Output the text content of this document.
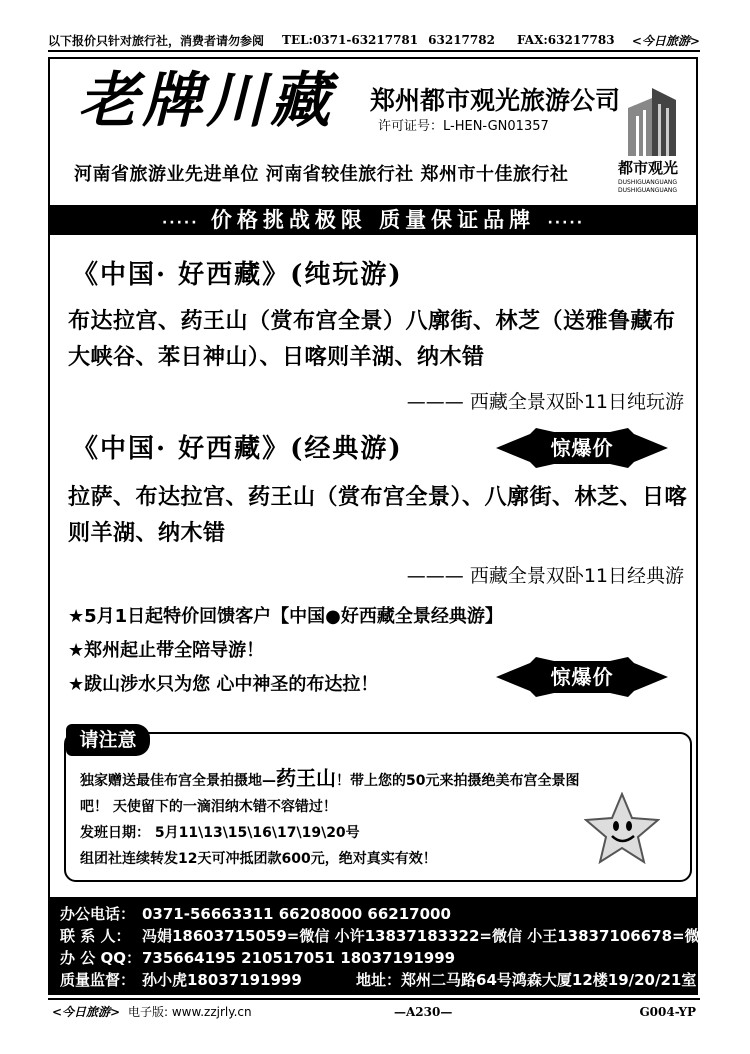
以下报价只针对旅行社，消费者请勿参阅 TEL:0371-63217781 63217782 FAX:63217783 <今日旅游>
老牌川藏 郑州都市观光旅游公司
许可证号：L-HEN-GN01357
都市观光
DUSHIGUANGUANG DUSHIGUANGUANG
河南省旅游业先进单位 河南省较佳旅行社 郑州市十佳旅行社
····· 价格挑战极限 质量保证品牌 ·····
《中国· 好西藏》(纯玩游)
布达拉宫、药王山（赏布宫全景）八廓街、林芝（送雅鲁藏布大峡谷、苯日神山）、日喀则羊湖、纳木错
——— 西藏全景双卧11日纯玩游
《中国· 好西藏》(经典游)	惊爆价
拉萨、布达拉宫、药王山（赏布宫全景）、八廓街、林芝、日喀则羊湖、纳木错
——— 西藏全景双卧11日经典游
★5月1日起特价回馈客户【中国●好西藏全景经典游】
★郑州起止带全陪导游！
★跋山涉水只为您 心中神圣的布达拉！	惊爆价
请注意
独家赠送最佳布宫全景拍摄地—药王山！带上您的50元来拍摄绝美布宫全景图
吧！ 天使留下的一滴泪纳木错不容错过！
发班日期： 5月11\13\15\16\17\19\20号
组团社连续转发12天可冲抵团款600元，绝对真实有效！
办公电话： 0371-56663311 66208000 66217000
联 系 人： 冯娟18603715059=微信 小许13837183322=微信 小王13837106678=微信
办 公 QQ：735664195 210517051 18037191999
质量监督： 孙小虎18037191999	地址：郑州二马路64号鸿森大厦12楼19/20/21室
<今日旅游> 电子版: www.zzjrly.cn	—A230—	G004-YP
